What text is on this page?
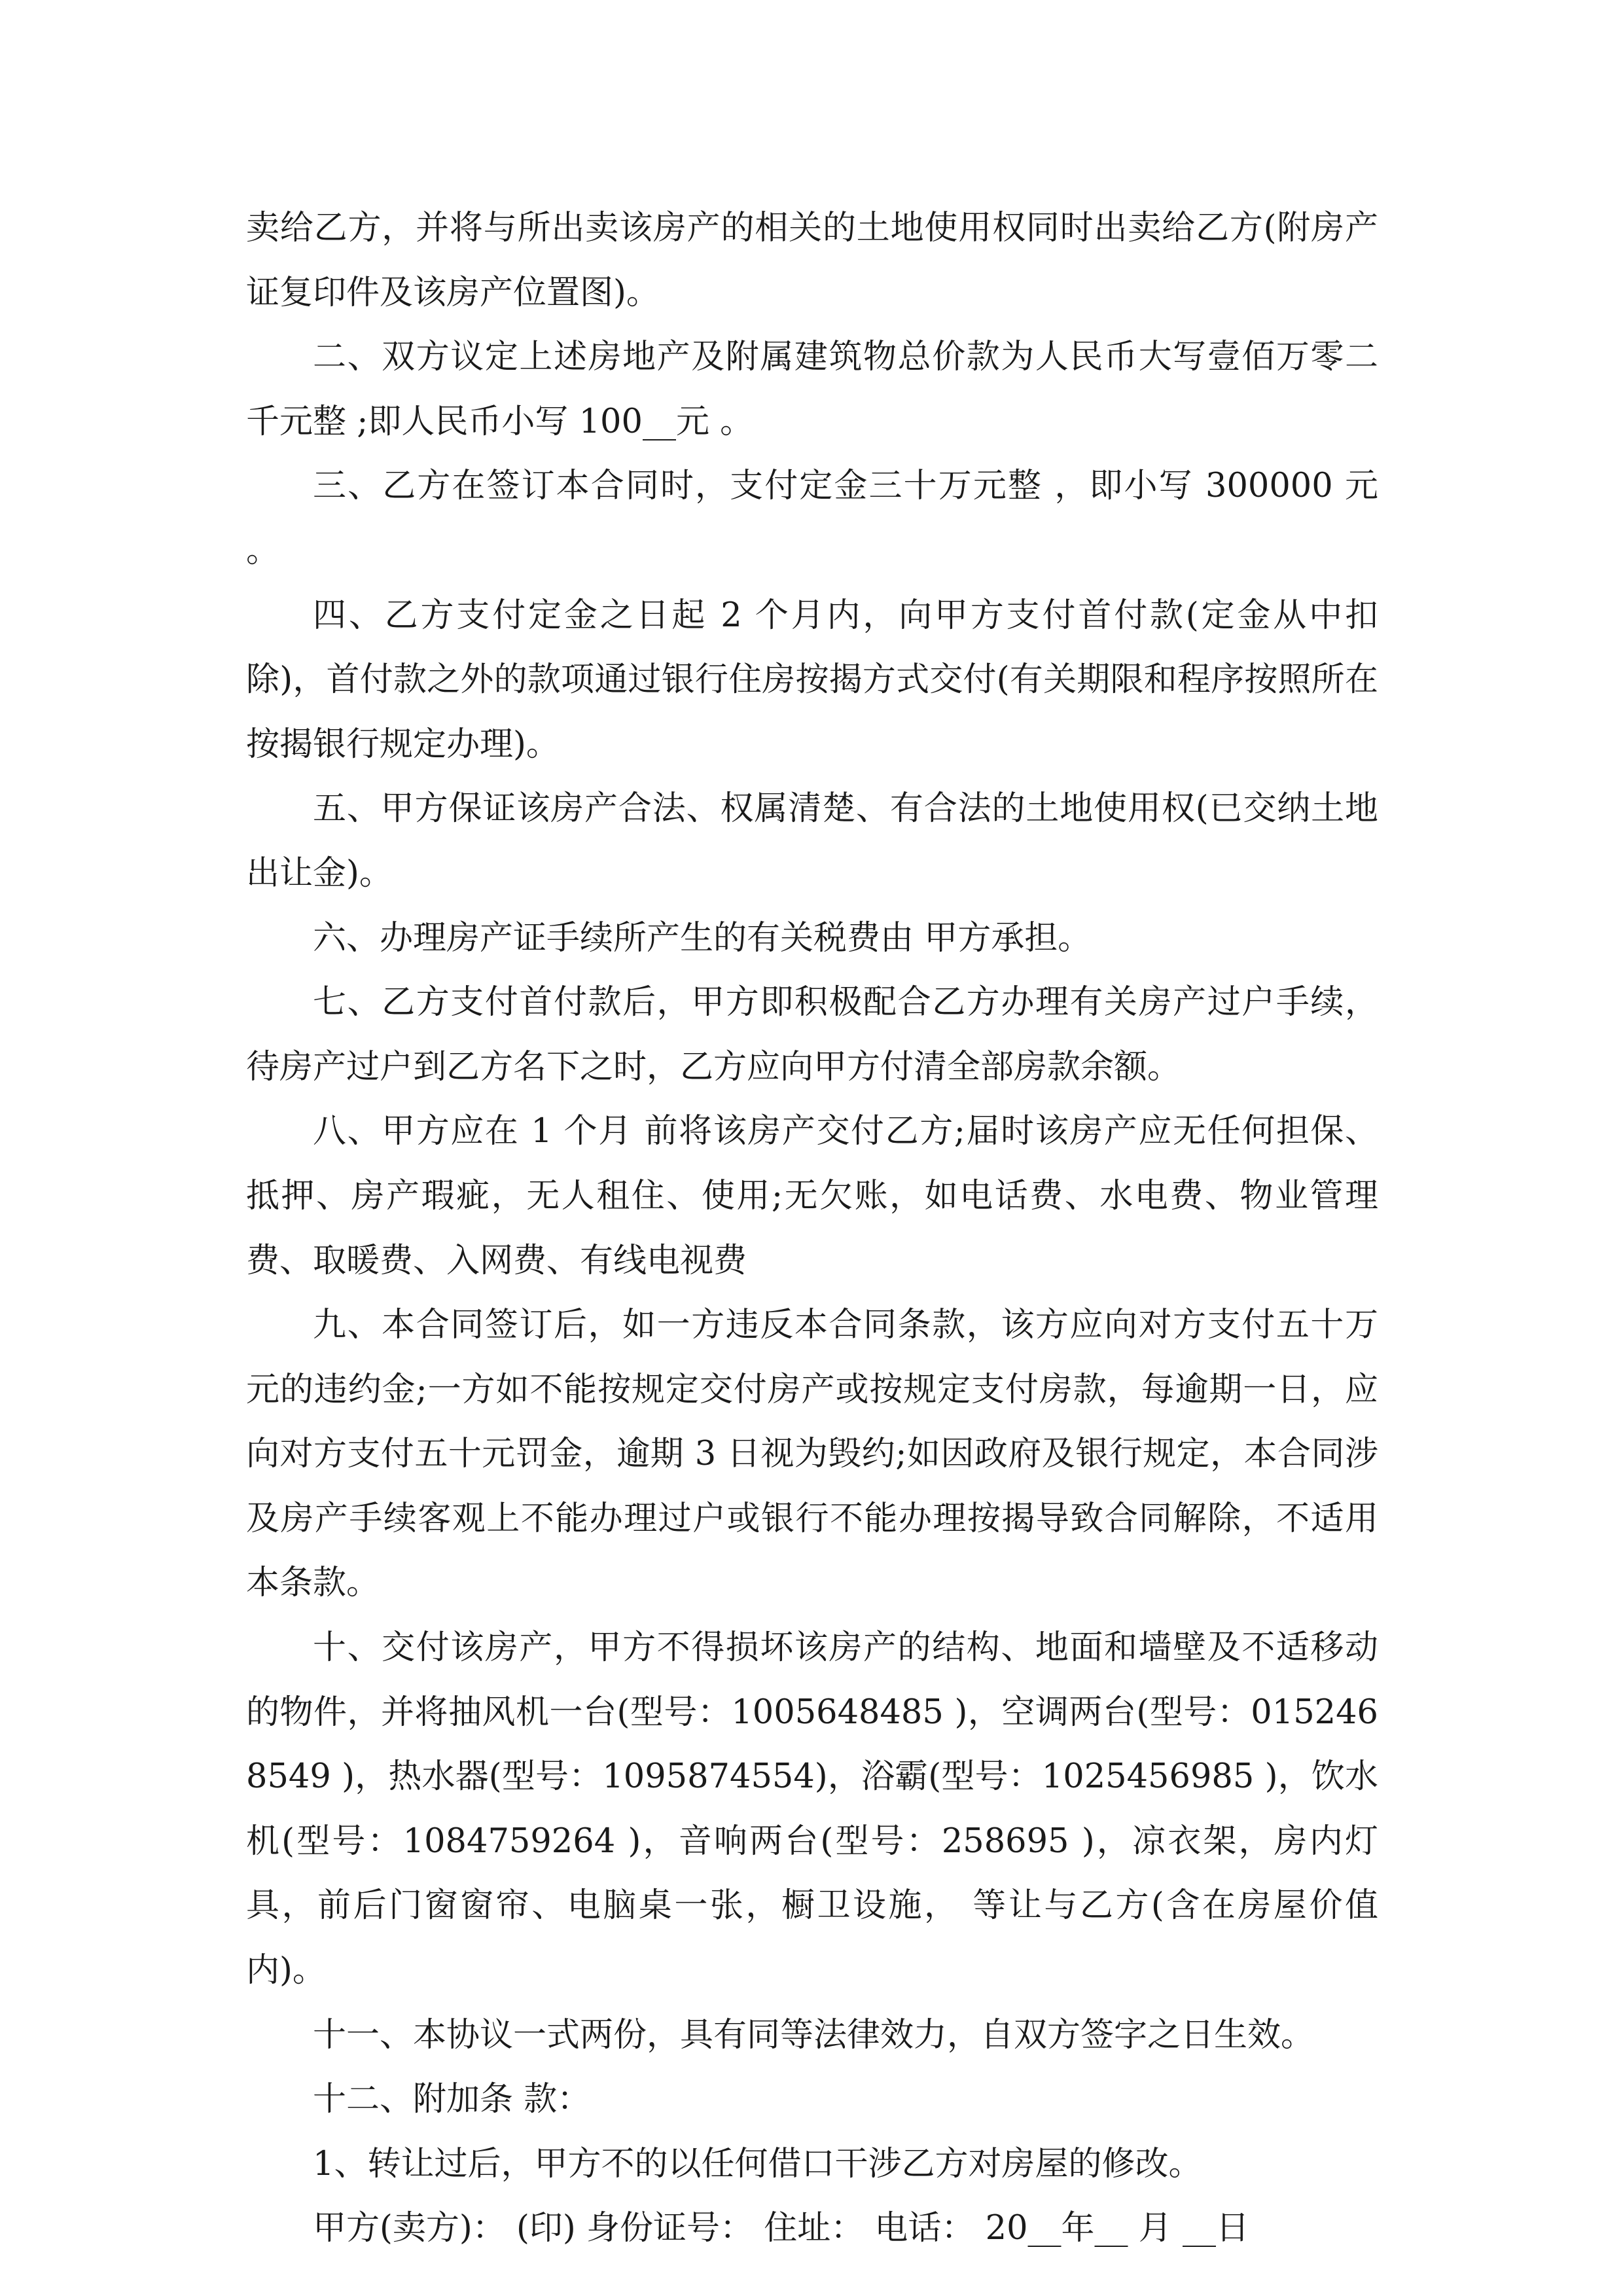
卖给乙方，并将与所出卖该房产的相关的土地使用权同时出卖给乙方(附房产证复印件及该房产位置图)。

二、双方议定上述房地产及附属建筑物总价款为人民币大写壹佰万零二千元整 ;即人民币小写 100__元 。

三、乙方在签订本合同时，支付定金三十万元整 ，即小写 300000 元 。

四、乙方支付定金之日起 2 个月内，向甲方支付首付款(定金从中扣除)，首付款之外的款项通过银行住房按揭方式交付(有关期限和程序按照所在按揭银行规定办理)。

五、甲方保证该房产合法、权属清楚、有合法的土地使用权(已交纳土地出让金)。

六、办理房产证手续所产生的有关税费由 甲方承担。

七、乙方支付首付款后，甲方即积极配合乙方办理有关房产过户手续，待房产过户到乙方名下之时，乙方应向甲方付清全部房款余额。

八、甲方应在 1 个月 前将该房产交付乙方;届时该房产应无任何担保、抵押、房产瑕疵，无人租住、使用;无欠账，如电话费、水电费、物业管理费、取暖费、入网费、有线电视费

九、本合同签订后，如一方违反本合同条款，该方应向对方支付五十万 元的违约金;一方如不能按规定交付房产或按规定支付房款，每逾期一日，应向对方支付五十元罚金，逾期 3 日视为毁约;如因政府及银行规定，本合同涉及房产手续客观上不能办理过户或银行不能办理按揭导致合同解除，不适用本条款。

十、交付该房产，甲方不得损坏该房产的结构、地面和墙壁及不适移动的物件，并将抽风机一台(型号：1005648485 )，空调两台(型号：0152468549 )，热水器(型号：1095874554)，浴霸(型号：1025456985 )，饮水机(型号：1084759264 )，音响两台(型号：258695 )，凉衣架，房内灯具，前后门窗窗帘、电脑桌一张，橱卫设施， 等让与乙方(含在房屋价值内)。

十一、本协议一式两份，具有同等法律效力，自双方签字之日生效。

十二、附加条 款：

1、转让过后，甲方不的以任何借口干涉乙方对房屋的修改。

甲方(卖方)： (印) 身份证号： 住址： 电话： 20__年__ 月 __日
